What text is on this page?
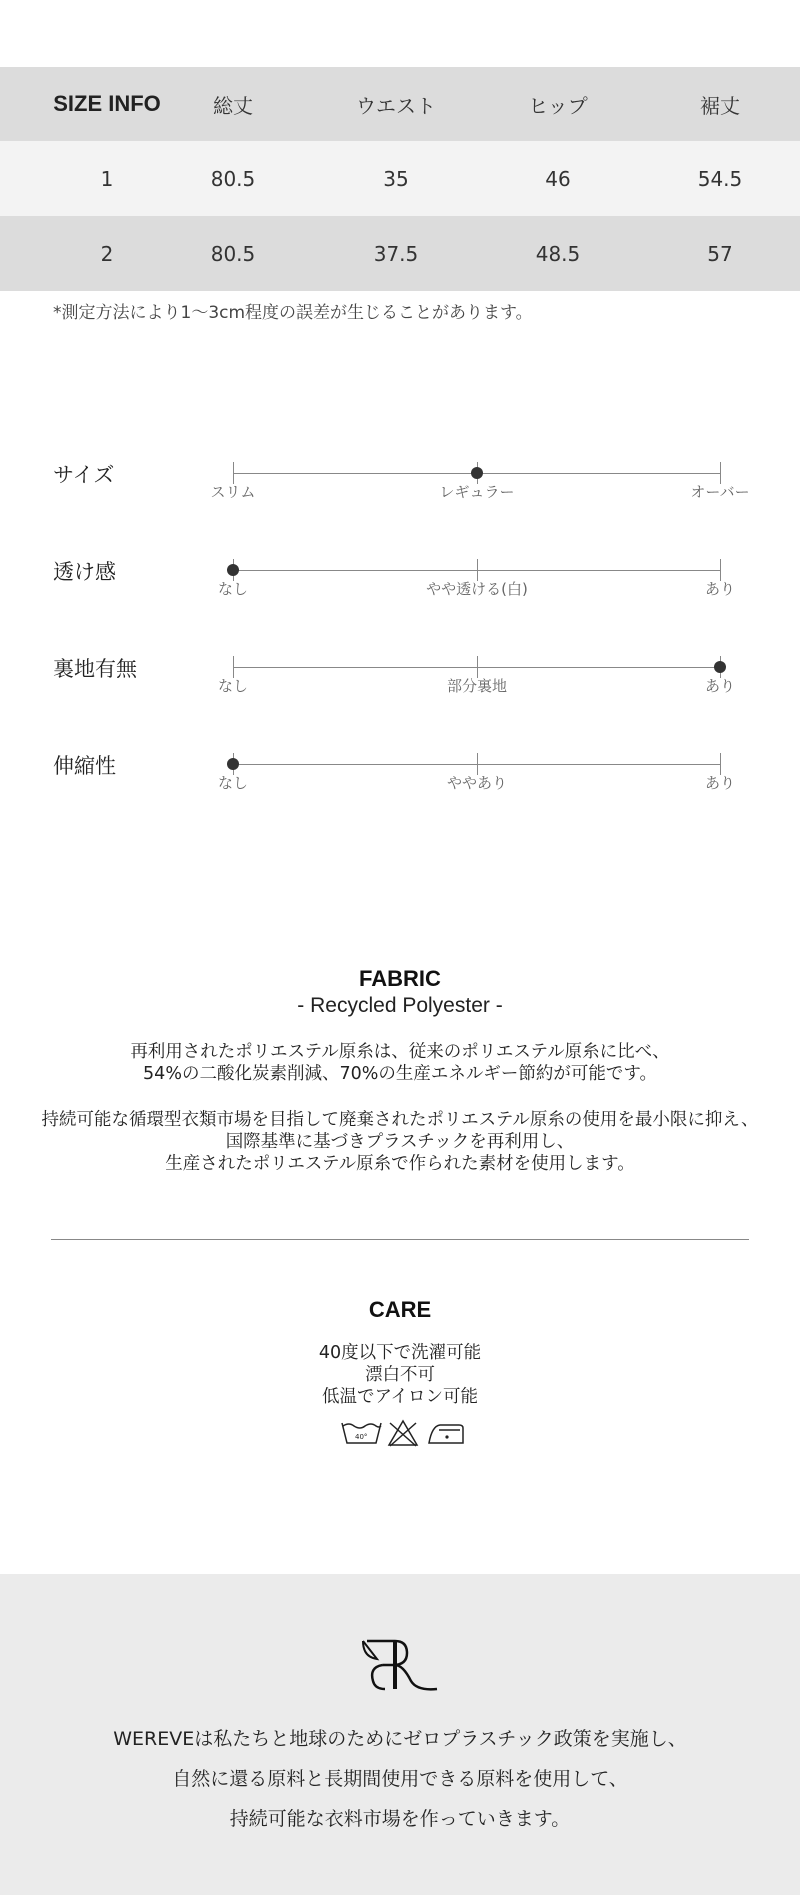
SIZE INFO	総丈	ウエスト	ヒップ	裾丈
1	80.5	35	46	54.5
2	80.5	37.5	48.5	57
*測定方法により1〜3cm程度の誤差が生じることがあります。
サイズ
スリム	レギュラー	オーバー
透け感
なし	やや透ける(白)	あり
裏地有無
なし	部分裏地	あり
伸縮性
なし	ややあり	あり
FABRIC
- Recycled Polyester -
再利用されたポリエステル原糸は、従来のポリエステル原糸に比べ、
54%の二酸化炭素削減、70%の生産エネルギー節約が可能です。
持続可能な循環型衣類市場を目指して廃棄されたポリエステル原糸の使用を最小限に抑え、
国際基準に基づきプラスチックを再利用し、
生産されたポリエステル原糸で作られた素材を使用します。
CARE
40度以下で洗濯可能
漂白不可
低温でアイロン可能
40°
WEREVEは私たちと地球のためにゼロプラスチック政策を実施し、
自然に還る原料と長期間使用できる原料を使用して、
持続可能な衣料市場を作っていきます。
